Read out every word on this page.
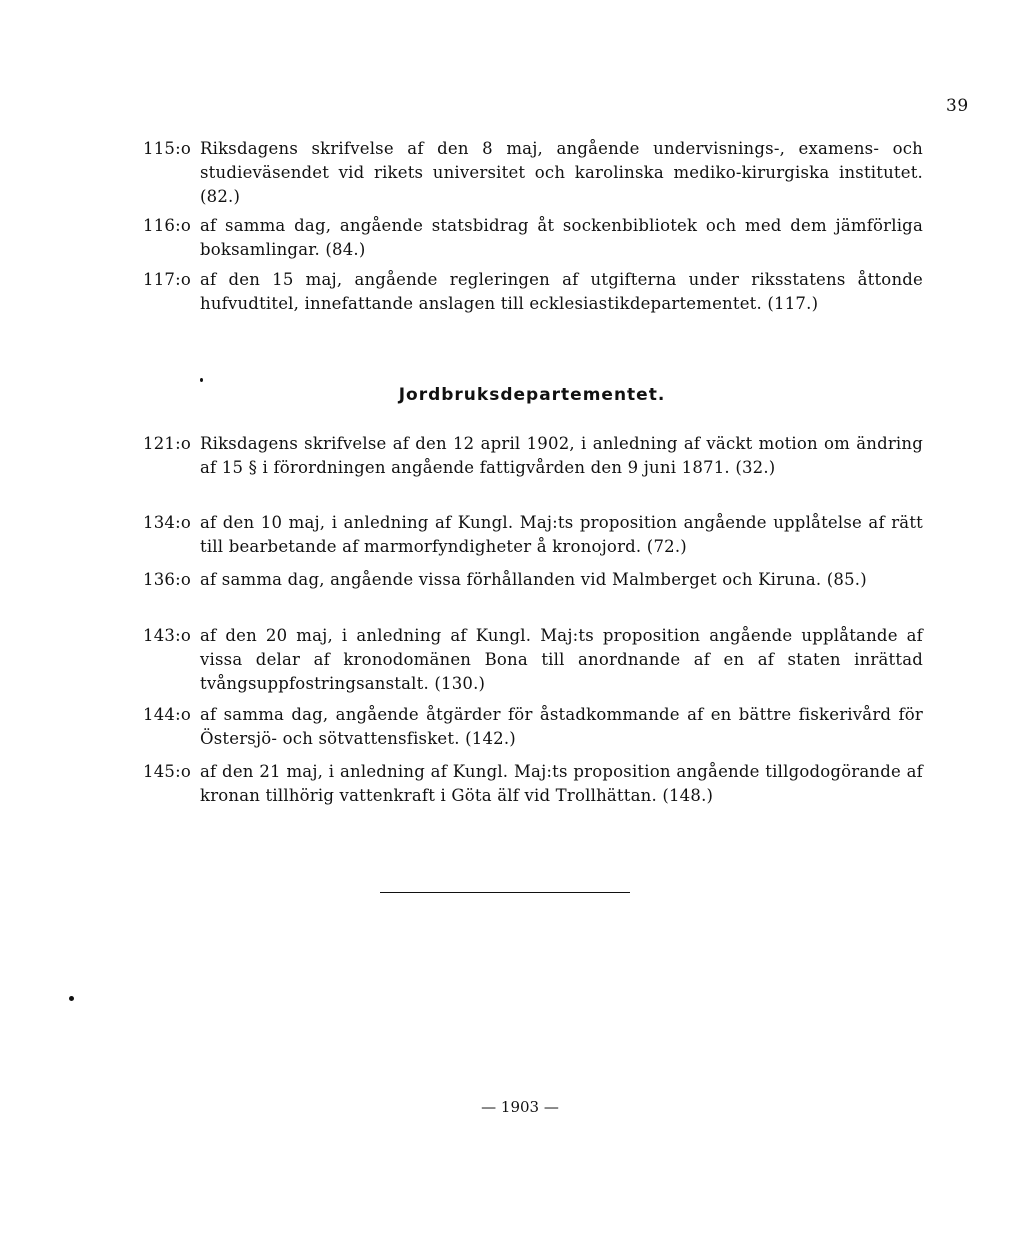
39
115:o Riksdagens skrifvelse af den 8 maj, angående undervisnings-, examens- och studieväsendet vid rikets universitet och karolinska mediko-kirurgiska institutet. (82.)
116:o af samma dag, angående statsbidrag åt sockenbibliotek och med dem jämförliga boksamlingar. (84.)
117:o af den 15 maj, angående regleringen af utgifterna under riksstatens åttonde hufvudtitel, innefattande anslagen till ecklesiastikdepartementet. (117.)
Jordbruksdepartementet.
121:o Riksdagens skrifvelse af den 12 april 1902, i anledning af väckt motion om ändring af 15 § i förordningen angående fattigvården den 9 juni 1871. (32.)
134:o af den 10 maj, i anledning af Kungl. Maj:ts proposition angående upplåtelse af rätt till bearbetande af marmorfyndigheter å kronojord. (72.)
136:o af samma dag, angående vissa förhållanden vid Malmberget och Kiruna. (85.)
143:o af den 20 maj, i anledning af Kungl. Maj:ts proposition angående upplåtande af vissa delar af kronodomänen Bona till anordnande af en af staten inrättad tvångsuppfostringsanstalt. (130.)
144:o af samma dag, angående åtgärder för åstadkommande af en bättre fiskerivård för Östersjö- och sötvattensfisket. (142.)
145:o af den 21 maj, i anledning af Kungl. Maj:ts proposition angående tillgodogörande af kronan tillhörig vattenkraft i Göta älf vid Trollhättan. (148.)
— 1903 —
